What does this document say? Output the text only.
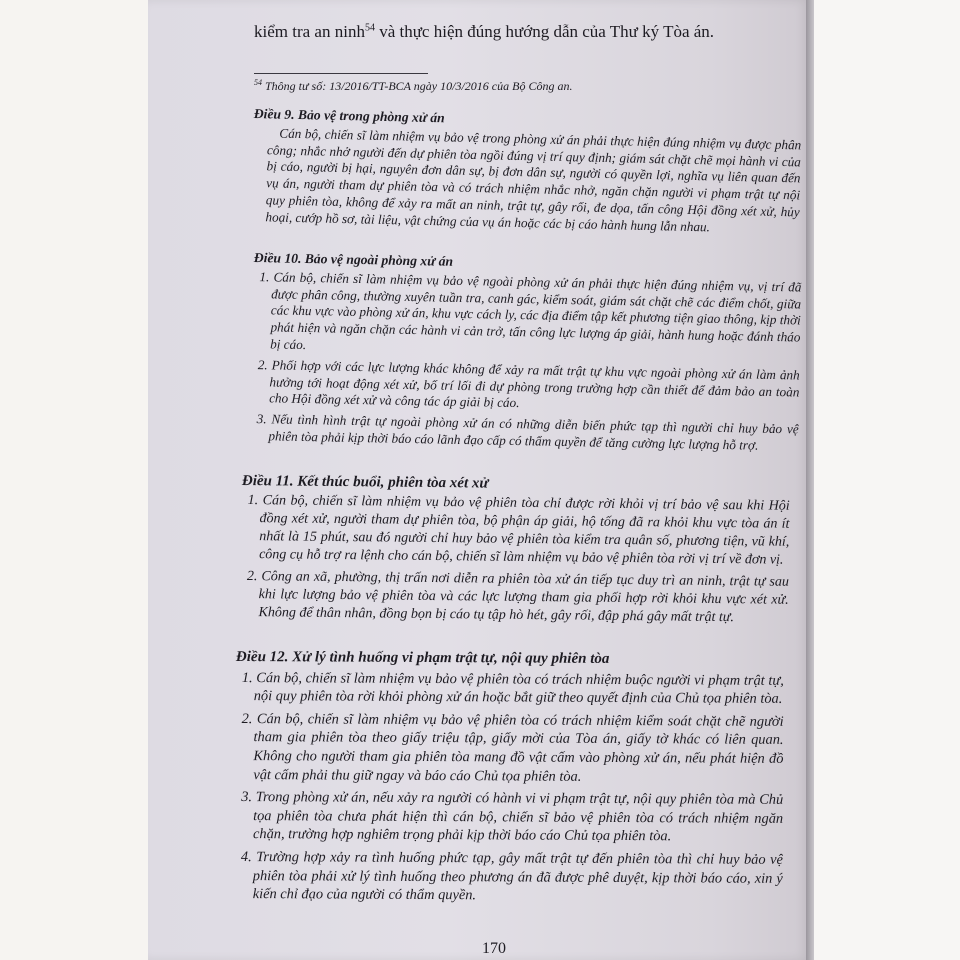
kiểm tra an ninh$^{54}$ và thực hiện đúng hướng dẫn của Thư ký Tòa án.
$^{54}$ Thông tư số: 13/2016/TT-BCA ngày 10/3/2016 của Bộ Công an.
Điều 9. Bảo vệ trong phòng xử án
Cán bộ, chiến sĩ làm nhiệm vụ bảo vệ trong phòng xử án phải thực hiện đúng nhiệm vụ được phân công; nhắc nhở người đến dự phiên tòa ngồi đúng vị trí quy định; giám sát chặt chẽ mọi hành vi của bị cáo, người bị hại, nguyên đơn dân sự, bị đơn dân sự, người có quyền lợi, nghĩa vụ liên quan đến vụ án, người tham dự phiên tòa và có trách nhiệm nhắc nhở, ngăn chặn người vi phạm trật tự nội quy phiên tòa, không để xảy ra mất an ninh, trật tự, gây rối, đe dọa, tấn công Hội đồng xét xử, hủy hoại, cướp hồ sơ, tài liệu, vật chứng của vụ án hoặc các bị cáo hành hung lẫn nhau.
Điều 10. Bảo vệ ngoài phòng xử án
1. Cán bộ, chiến sĩ làm nhiệm vụ bảo vệ ngoài phòng xử án phải thực hiện đúng nhiệm vụ, vị trí đã được phân công, thường xuyên tuần tra, canh gác, kiểm soát, giám sát chặt chẽ các điểm chốt, giữa các khu vực vào phòng xử án, khu vực cách ly, các địa điểm tập kết phương tiện giao thông, kịp thời phát hiện và ngăn chặn các hành vi cản trở, tấn công lực lượng áp giải, hành hung hoặc đánh tháo bị cáo.
2. Phối hợp với các lực lượng khác không để xảy ra mất trật tự khu vực ngoài phòng xử án làm ảnh hưởng tới hoạt động xét xử, bố trí lối đi dự phòng trong trường hợp cần thiết để đảm bảo an toàn cho Hội đồng xét xử và công tác áp giải bị cáo.
3. Nếu tình hình trật tự ngoài phòng xử án có những diễn biến phức tạp thì người chỉ huy bảo vệ phiên tòa phải kịp thời báo cáo lãnh đạo cấp có thẩm quyền để tăng cường lực lượng hỗ trợ.
Điều 11. Kết thúc buổi, phiên tòa xét xử
1. Cán bộ, chiến sĩ làm nhiệm vụ bảo vệ phiên tòa chỉ được rời khỏi vị trí bảo vệ sau khi Hội đồng xét xử, người tham dự phiên tòa, bộ phận áp giải, hộ tống đã ra khỏi khu vực tòa án ít nhất là 15 phút, sau đó người chỉ huy bảo vệ phiên tòa kiểm tra quân số, phương tiện, vũ khí, công cụ hỗ trợ ra lệnh cho cán bộ, chiến sĩ làm nhiệm vụ bảo vệ phiên tòa rời vị trí về đơn vị.
2. Công an xã, phường, thị trấn nơi diễn ra phiên tòa xử án tiếp tục duy trì an ninh, trật tự sau khi lực lượng bảo vệ phiên tòa và các lực lượng tham gia phối hợp rời khỏi khu vực xét xử. Không để thân nhân, đồng bọn bị cáo tụ tập hò hét, gây rối, đập phá gây mất trật tự.
Điều 12. Xử lý tình huống vi phạm trật tự, nội quy phiên tòa
1. Cán bộ, chiến sĩ làm nhiệm vụ bảo vệ phiên tòa có trách nhiệm buộc người vi phạm trật tự, nội quy phiên tòa rời khỏi phòng xử án hoặc bắt giữ theo quyết định của Chủ tọa phiên tòa.
2. Cán bộ, chiến sĩ làm nhiệm vụ bảo vệ phiên tòa có trách nhiệm kiểm soát chặt chẽ người tham gia phiên tòa theo giấy triệu tập, giấy mời của Tòa án, giấy tờ khác có liên quan. Không cho người tham gia phiên tòa mang đồ vật cấm vào phòng xử án, nếu phát hiện đồ vật cấm phải thu giữ ngay và báo cáo Chủ tọa phiên tòa.
3. Trong phòng xử án, nếu xảy ra người có hành vi vi phạm trật tự, nội quy phiên tòa mà Chủ tọa phiên tòa chưa phát hiện thì cán bộ, chiến sĩ bảo vệ phiên tòa có trách nhiệm ngăn chặn, trường hợp nghiêm trọng phải kịp thời báo cáo Chủ tọa phiên tòa.
4. Trường hợp xảy ra tình huống phức tạp, gây mất trật tự đến phiên tòa thì chỉ huy bảo vệ phiên tòa phải xử lý tình huống theo phương án đã được phê duyệt, kịp thời báo cáo, xin ý kiến chỉ đạo của người có thẩm quyền.
170
